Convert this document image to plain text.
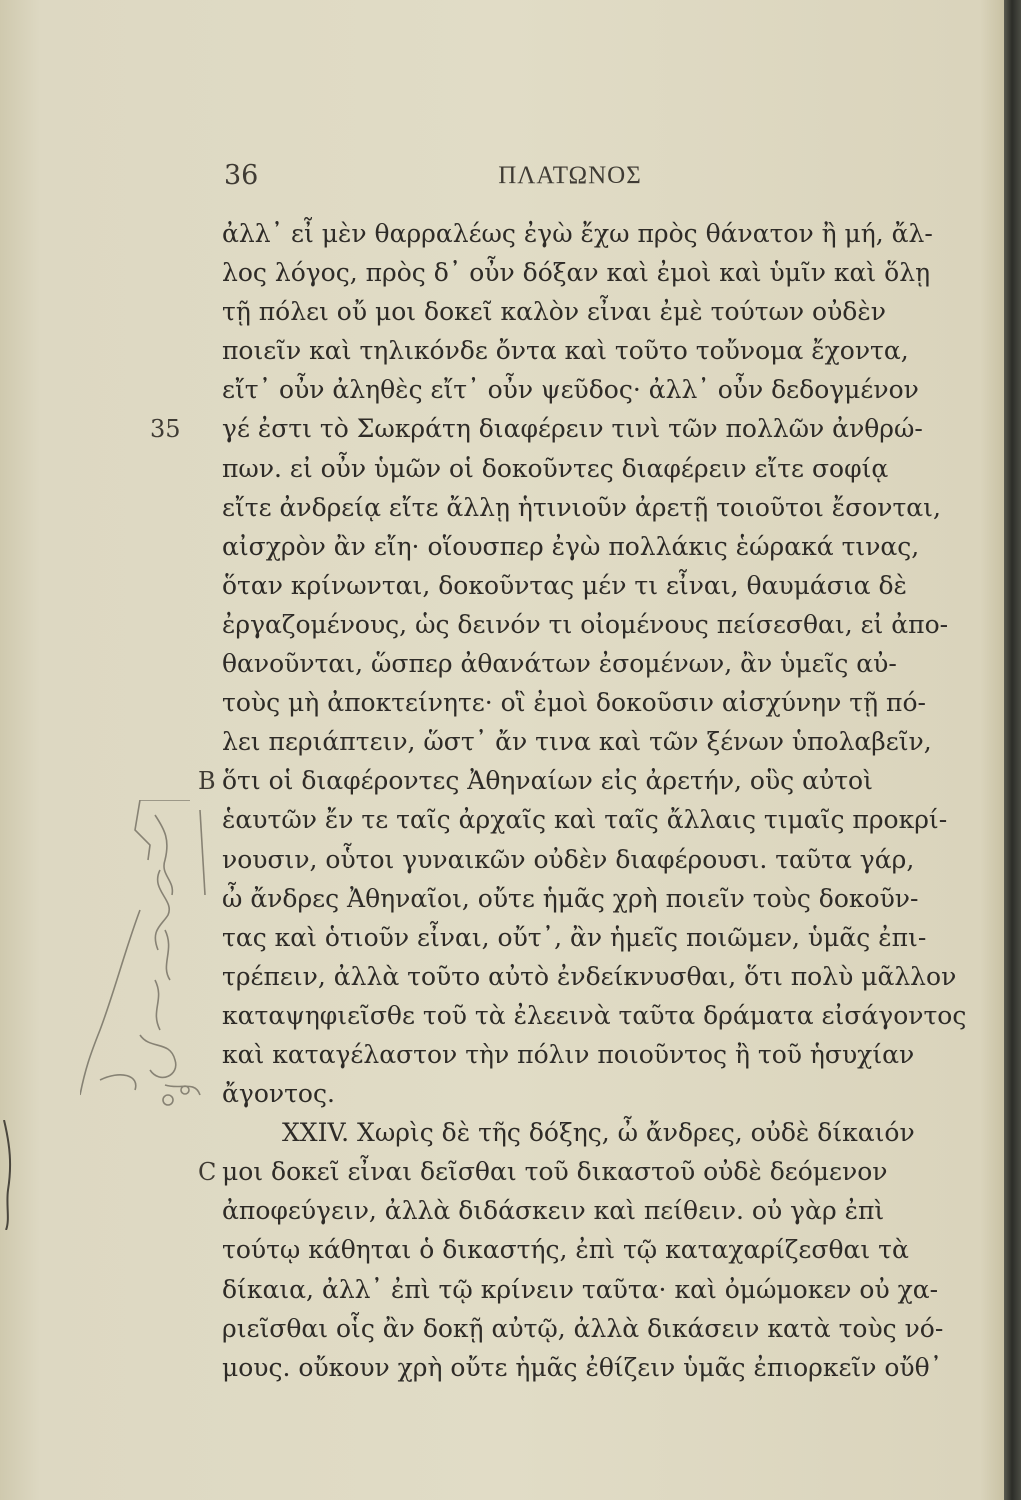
36	ΠΛΑΤΩΝΟΣ
35
B
C
ἀλλ᾽ εἶ μὲν θαρραλέως ἐγὼ ἔχω πρὸς θάνατον ἢ μή, ἄλ-
λος λόγος, πρὸς δ᾽ οὖν δόξαν καὶ ἐμοὶ καὶ ὑμῖν καὶ ὅλῃ
τῇ πόλει οὔ μοι δοκεῖ καλὸν εἶναι ἐμὲ τούτων οὐδὲν
ποιεῖν καὶ τηλικόνδε ὄντα καὶ τοῦτο τοὔνομα ἔχοντα,
εἴτ᾽ οὖν ἀληθὲς εἴτ᾽ οὖν ψεῦδος· ἀλλ᾽ οὖν δεδογμένον
γέ ἐστι τὸ Σωκράτη διαφέρειν τινὶ τῶν πολλῶν ἀνθρώ-
πων. εἰ οὖν ὑμῶν οἱ δοκοῦντες διαφέρειν εἴτε σοφίᾳ
εἴτε ἀνδρείᾳ εἴτε ἄλλῃ ἡτινιοῦν ἀρετῇ τοιοῦτοι ἔσονται,
αἰσχρὸν ἂν εἴη· οἵουσπερ ἐγὼ πολλάκις ἑώρακά τινας,
ὅταν κρίνωνται, δοκοῦντας μέν τι εἶναι, θαυμάσια δὲ
ἐργαζομένους, ὡς δεινόν τι οἰομένους πείσεσθαι, εἰ ἀπο-
θανοῦνται, ὥσπερ ἀθανάτων ἐσομένων, ἂν ὑμεῖς αὐ-
τοὺς μὴ ἀποκτείνητε· οἳ ἐμοὶ δοκοῦσιν αἰσχύνην τῇ πό-
λει περιάπτειν, ὥστ᾽ ἄν τινα καὶ τῶν ξένων ὑπολαβεῖν,
ὅτι οἱ διαφέροντες Ἀθηναίων εἰς ἀρετήν, οὓς αὐτοὶ
ἑαυτῶν ἔν τε ταῖς ἀρχαῖς καὶ ταῖς ἄλλαις τιμαῖς προκρί-
νουσιν, οὗτοι γυναικῶν οὐδὲν διαφέρουσι. ταῦτα γάρ,
ὦ ἄνδρες Ἀθηναῖοι, οὔτε ἡμᾶς χρὴ ποιεῖν τοὺς δοκοῦν-
τας καὶ ὁτιοῦν εἶναι, οὔτ᾽, ἂν ἡμεῖς ποιῶμεν, ὑμᾶς ἐπι-
τρέπειν, ἀλλὰ τοῦτο αὐτὸ ἐνδείκνυσθαι, ὅτι πολὺ μᾶλλον
καταψηφιεῖσθε τοῦ τὰ ἐλεεινὰ ταῦτα δράματα εἰσάγοντος
καὶ καταγέλαστον τὴν πόλιν ποιοῦντος ἢ τοῦ ἡσυχίαν
ἄγοντος.
XXIV. Χωρὶς δὲ τῆς δόξης, ὦ ἄνδρες, οὐδὲ δίκαιόν
μοι δοκεῖ εἶναι δεῖσθαι τοῦ δικαστοῦ οὐδὲ δεόμενον
ἀποφεύγειν, ἀλλὰ διδάσκειν καὶ πείθειν. οὐ γὰρ ἐπὶ
τούτῳ κάθηται ὁ δικαστής, ἐπὶ τῷ καταχαρίζεσθαι τὰ
δίκαια, ἀλλ᾽ ἐπὶ τῷ κρίνειν ταῦτα· καὶ ὀμώμοκεν οὐ χα-
ριεῖσθαι οἷς ἂν δοκῇ αὐτῷ, ἀλλὰ δικάσειν κατὰ τοὺς νό-
μους. οὔκουν χρὴ οὔτε ἡμᾶς ἐθίζειν ὑμᾶς ἐπιορκεῖν οὔθ᾽
